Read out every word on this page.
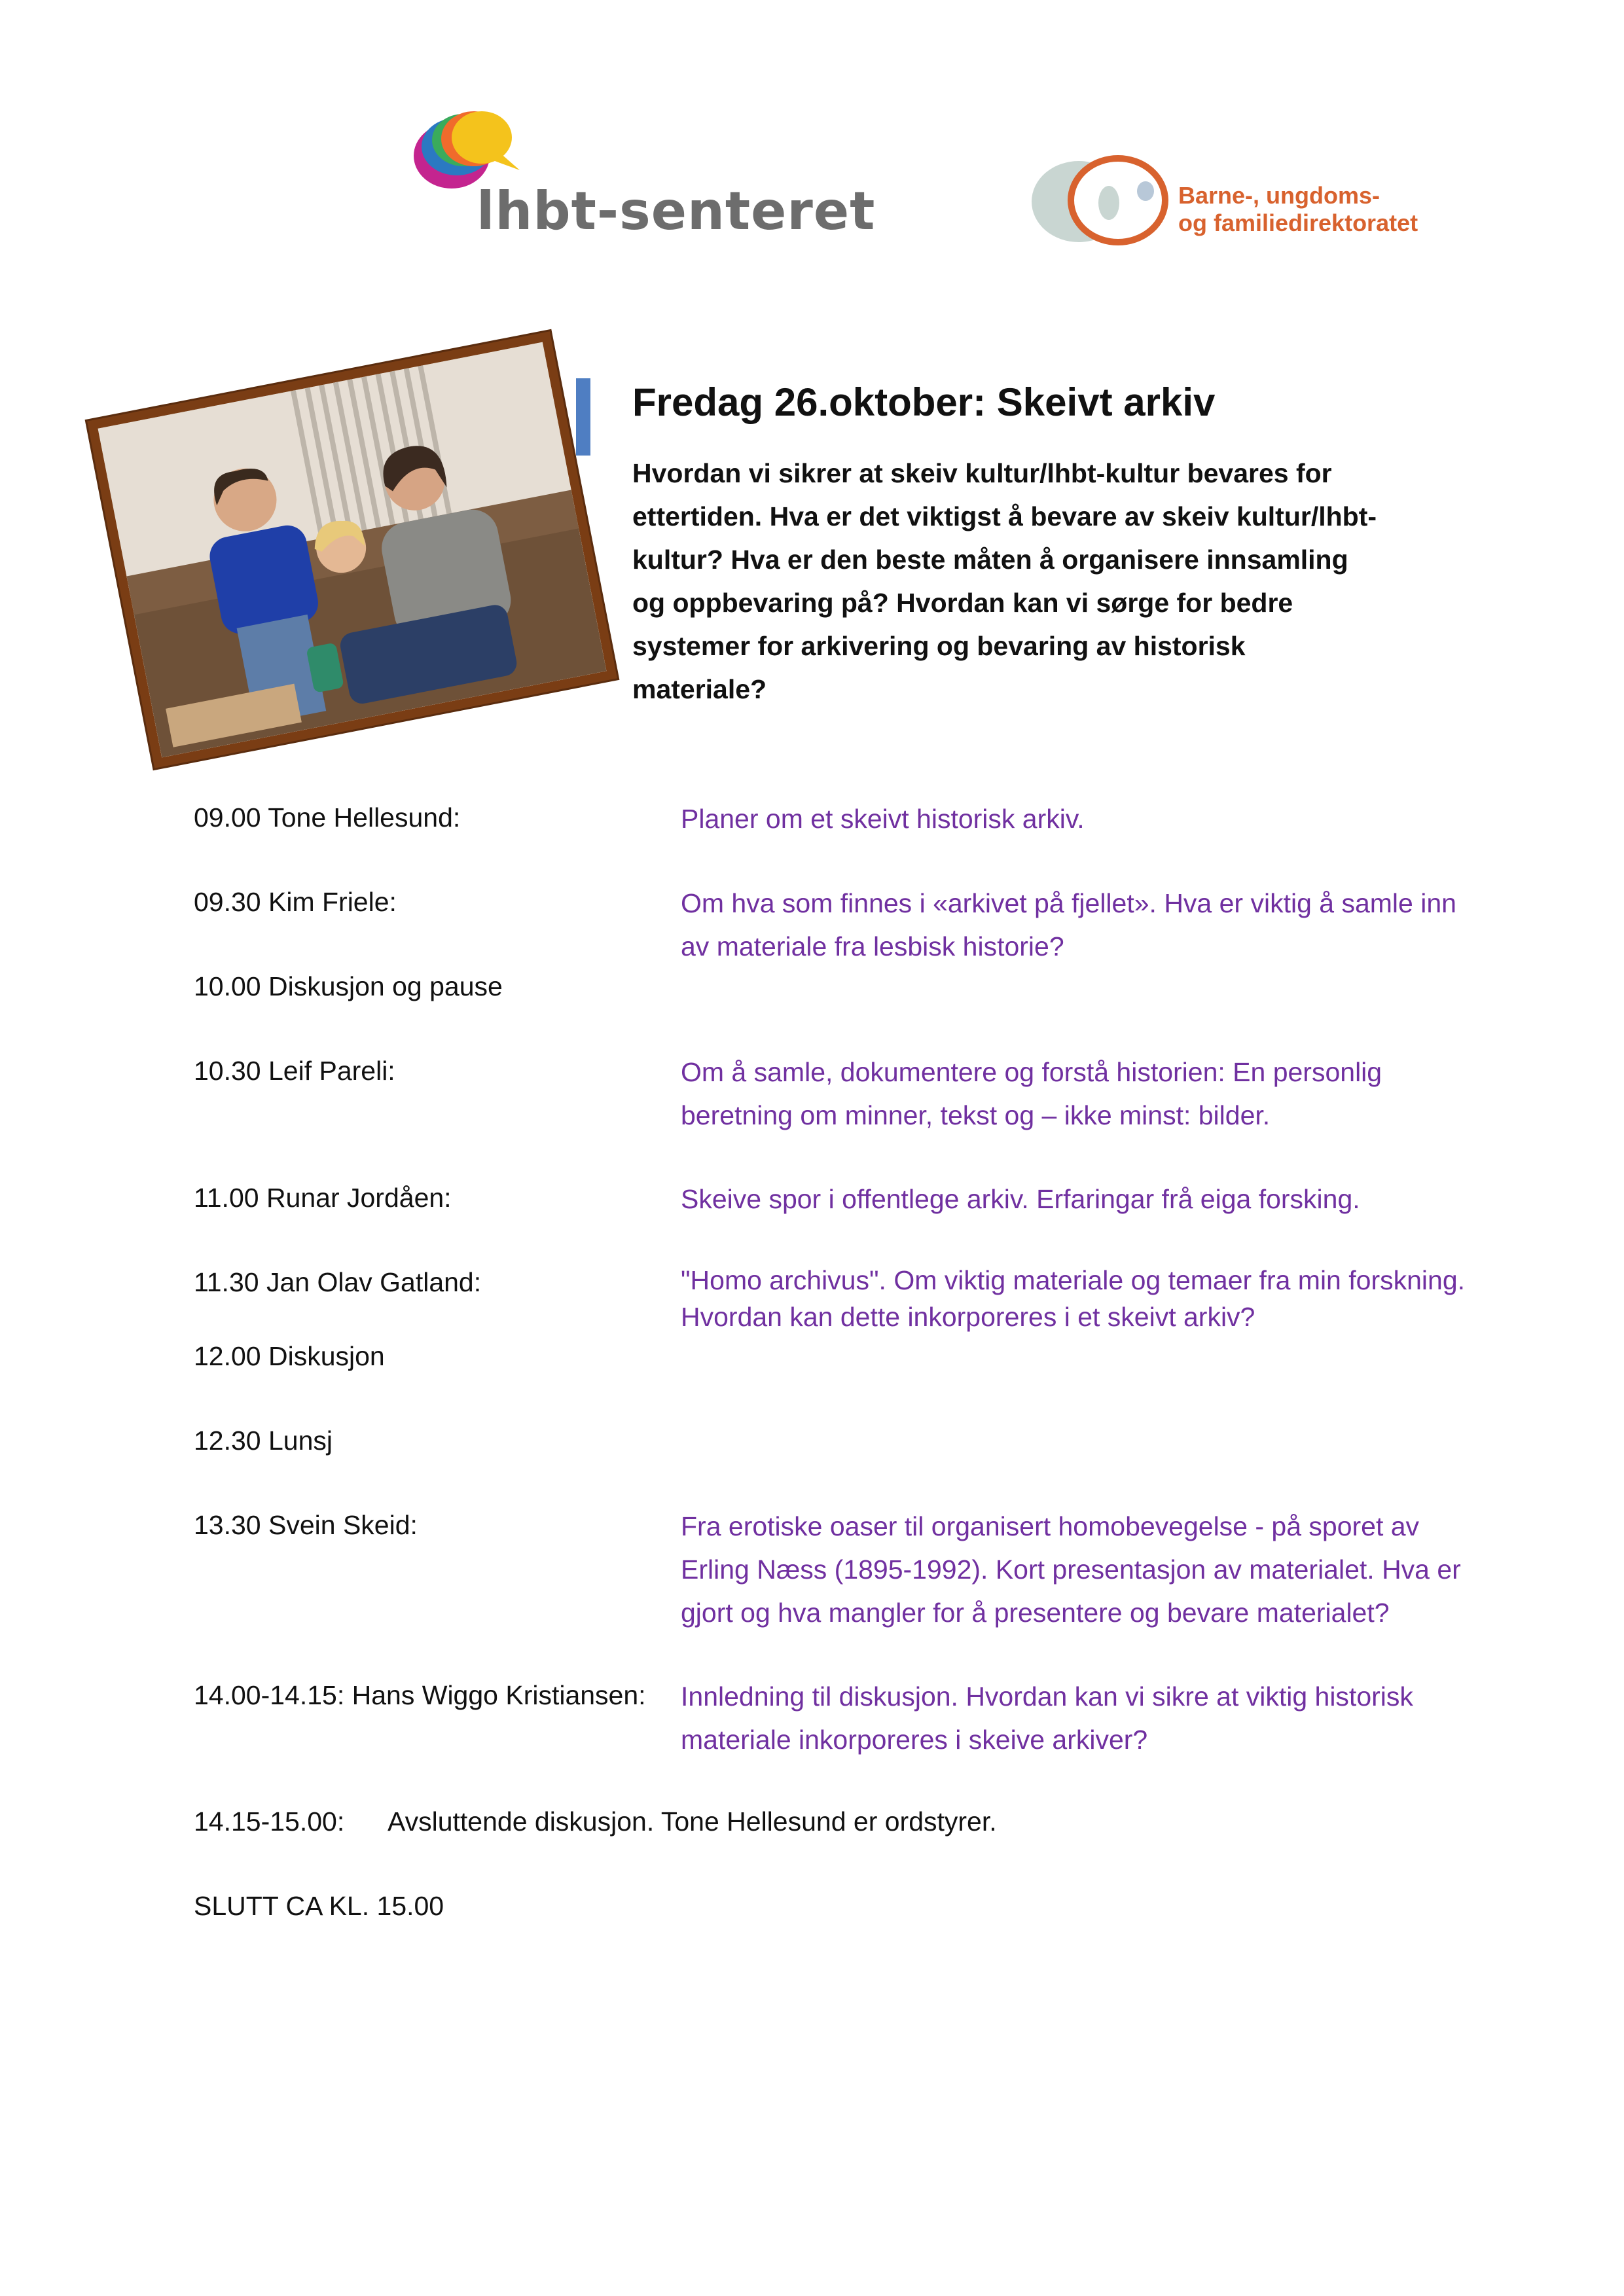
lhbt-senteret	Barne-, ungdoms-
og familiedirektoratet
Fredag 26.oktober: Skeivt arkiv

Hvordan vi sikrer at skeiv kultur/lhbt-kultur bevares for ettertiden. Hva er det viktigst å bevare av skeiv kultur/lhbt-kultur? Hva er den beste måten å organisere innsamling og oppbevaring på? Hvordan kan vi sørge for bedre systemer for arkivering og bevaring av historisk materiale?

09.00 Tone Hellesund:	Planer om et skeivt historisk arkiv.

09.30 Kim Friele:	Om hva som finnes i «arkivet på fjellet». Hva er viktig å samle inn av materiale fra lesbisk historie?

10.00 Diskusjon og pause
10.30 Leif Pareli:	Om å samle, dokumentere og forstå historien: En personlig beretning om minner, tekst og – ikke minst: bilder.

11.00 Runar Jordåen:	Skeive spor i offentlege arkiv. Erfaringar frå eiga forsking.

11.30 Jan Olav Gatland:	"Homo archivus". Om viktig materiale og temaer fra min forskning. Hvordan kan dette inkorporeres i et skeivt arkiv?

12.00 Diskusjon
12.30 Lunsj
13.30 Svein Skeid:	Fra erotiske oaser til organisert homobevegelse - på sporet av Erling Næss (1895-1992). Kort presentasjon av materialet. Hva er gjort og hva mangler for å presentere og bevare materialet?

14.00-14.15: Hans Wiggo Kristiansen: Innledning til diskusjon. Hvordan kan vi sikre at viktig historisk materiale inkorporeres i skeive arkiver?

14.15-15.00: Avsluttende diskusjon. Tone Hellesund er ordstyrer.
SLUTT CA KL. 15.00
